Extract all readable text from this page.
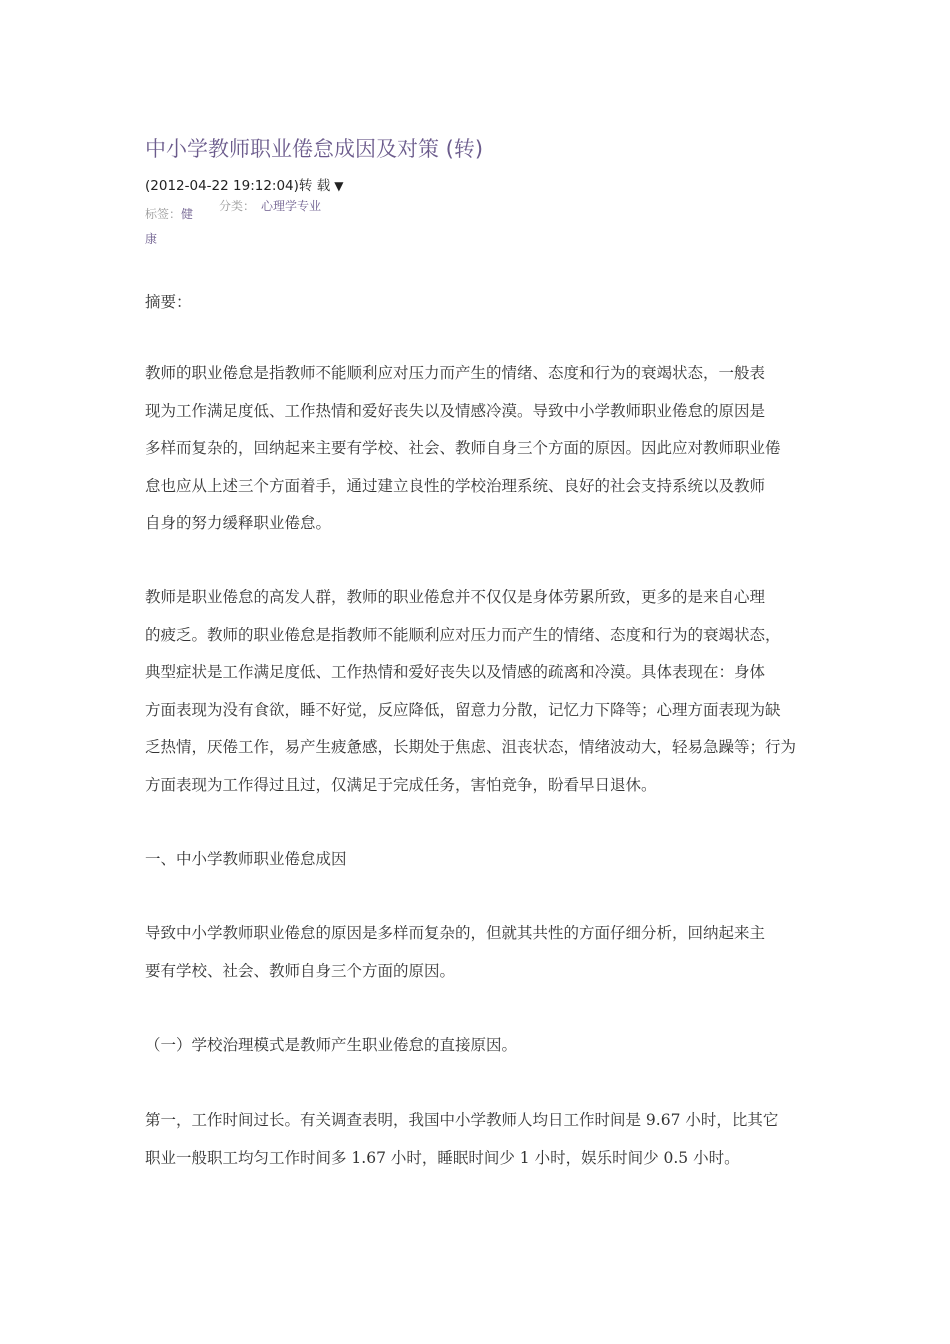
中小学教师职业倦怠成因及对策 (转)
(2012-04-22 19:12:04)转 载 ▼
标签：健
康
分类： 心理学专业

摘要：

教师的职业倦怠是指教师不能顺利应对压力而产生的情绪、态度和行为的衰竭状态，一般表
现为工作满足度低、工作热情和爱好丧失以及情感冷漠。导致中小学教师职业倦怠的原因是
多样而复杂的，回纳起来主要有学校、社会、教师自身三个方面的原因。因此应对教师职业倦
怠也应从上述三个方面着手，通过建立良性的学校治理系统、良好的社会支持系统以及教师
自身的努力缓释职业倦怠。

教师是职业倦怠的高发人群，教师的职业倦怠并不仅仅是身体劳累所致，更多的是来自心理
的疲乏。教师的职业倦怠是指教师不能顺利应对压力而产生的情绪、态度和行为的衰竭状态，
典型症状是工作满足度低、工作热情和爱好丧失以及情感的疏离和冷漠。具体表现在：身体
方面表现为没有食欲，睡不好觉，反应降低，留意力分散，记忆力下降等；心理方面表现为缺
乏热情，厌倦工作，易产生疲惫感，长期处于焦虑、沮丧状态，情绪波动大，轻易急躁等；行为
方面表现为工作得过且过，仅满足于完成任务，害怕竞争，盼看早日退休。

一、中小学教师职业倦怠成因

导致中小学教师职业倦怠的原因是多样而复杂的，但就其共性的方面仔细分析，回纳起来主
要有学校、社会、教师自身三个方面的原因。

（一）学校治理模式是教师产生职业倦怠的直接原因。

第一，工作时间过长。有关调查表明，我国中小学教师人均日工作时间是 9.67 小时，比其它
职业一般职工均匀工作时间多 1.67 小时，睡眠时间少 1 小时，娱乐时间少 0.5 小时。
